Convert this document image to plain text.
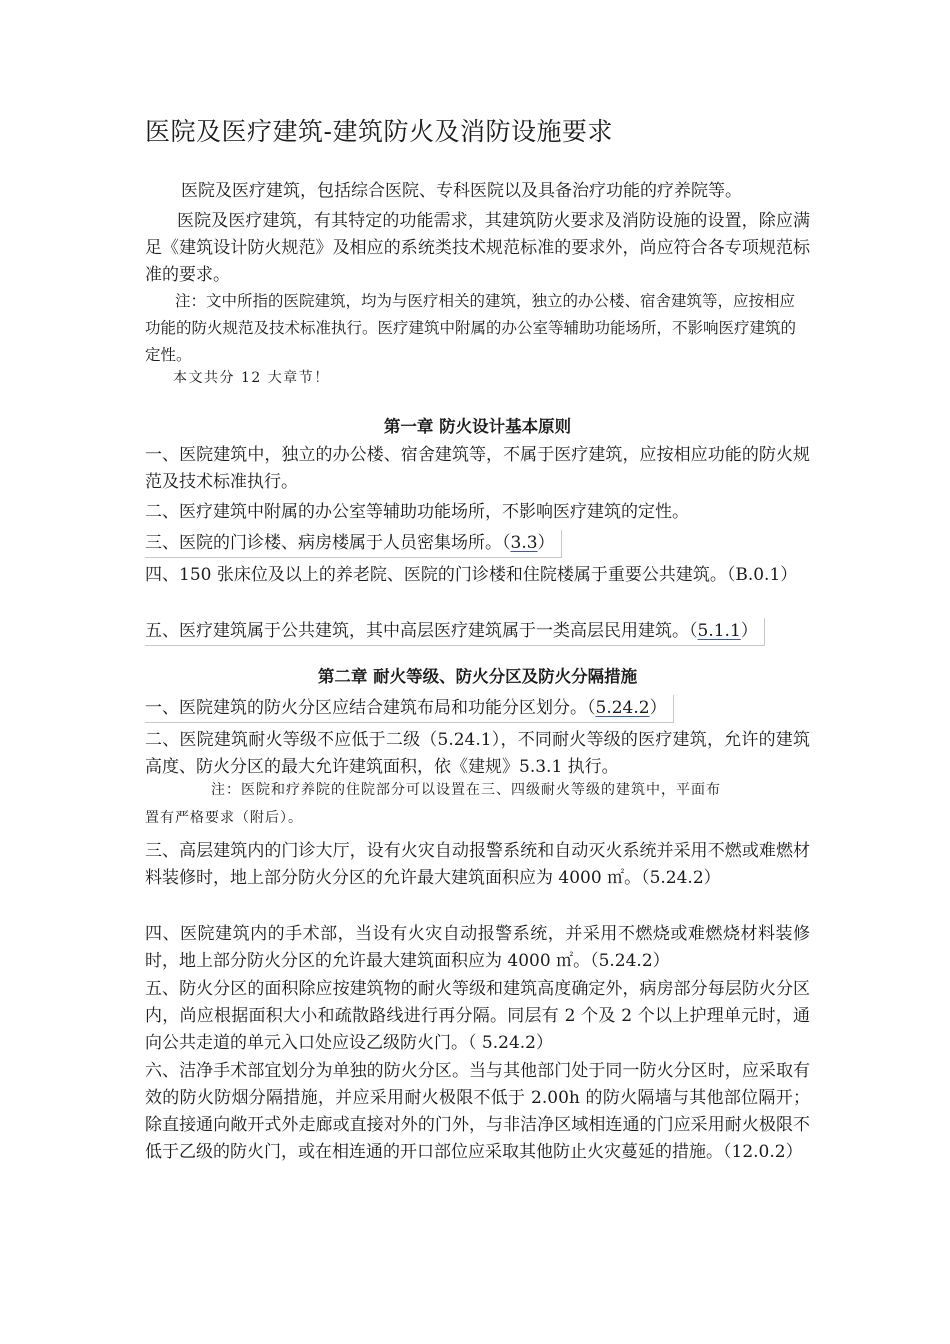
医院及医疗建筑-建筑防火及消防设施要求

医院及医疗建筑，包括综合医院、专科医院以及具备治疗功能的疗养院等。

医院及医疗建筑，有其特定的功能需求，其建筑防火要求及消防设施的设置，除应满足《建筑设计防火规范》及相应的系统类技术规范标准的要求外，尚应符合各专项规范标准的要求。

注：文中所指的医院建筑，均为与医疗相关的建筑，独立的办公楼、宿舍建筑等，应按相应功能的防火规范及技术标准执行。医疗建筑中附属的办公室等辅助功能场所，不影响医疗建筑的定性。

本文共分 12 大章节！

第一章 防火设计基本原则

一、医院建筑中，独立的办公楼、宿舍建筑等，不属于医疗建筑，应按相应功能的防火规范及技术标准执行。

二、医疗建筑中附属的办公室等辅助功能场所，不影响医疗建筑的定性。

三、医院的门诊楼、病房楼属于人员密集场所。（3.3）

四、150 张床位及以上的养老院、医院的门诊楼和住院楼属于重要公共建筑。（B.0.1）

五、医疗建筑属于公共建筑，其中高层医疗建筑属于一类高层民用建筑。（5.1.1）

第二章 耐火等级、防火分区及防火分隔措施

一、医院建筑的防火分区应结合建筑布局和功能分区划分。（5.24.2）

二、医院建筑耐火等级不应低于二级（5.24.1），不同耐火等级的医疗建筑，允许的建筑高度、防火分区的最大允许建筑面积，依《建规》5.3.1 执行。

注：医院和疗养院的住院部分可以设置在三、四级耐火等级的建筑中，平面布
置有严格要求（附后）。

三、高层建筑内的门诊大厅，设有火灾自动报警系统和自动灭火系统并采用不燃或难燃材料装修时，地上部分防火分区的允许最大建筑面积应为 4000 ㎡。（5.24.2）

四、医院建筑内的手术部，当设有火灾自动报警系统，并采用不燃烧或难燃烧材料装修时，地上部分防火分区的允许最大建筑面积应为 4000 ㎡。（5.24.2）

五、防火分区的面积除应按建筑物的耐火等级和建筑高度确定外，病房部分每层防火分区内，尚应根据面积大小和疏散路线进行再分隔。同层有 2 个及 2 个以上护理单元时，通向公共走道的单元入口处应设乙级防火门。（ 5.24.2）

六、洁净手术部宜划分为单独的防火分区。当与其他部门处于同一防火分区时，应采取有效的防火防烟分隔措施，并应采用耐火极限不低于 2.00h 的防火隔墙与其他部位隔开；除直接通向敞开式外走廊或直接对外的门外，与非洁净区域相连通的门应采用耐火极限不低于乙级的防火门，或在相连通的开口部位应采取其他防止火灾蔓延的措施。（12.0.2）
